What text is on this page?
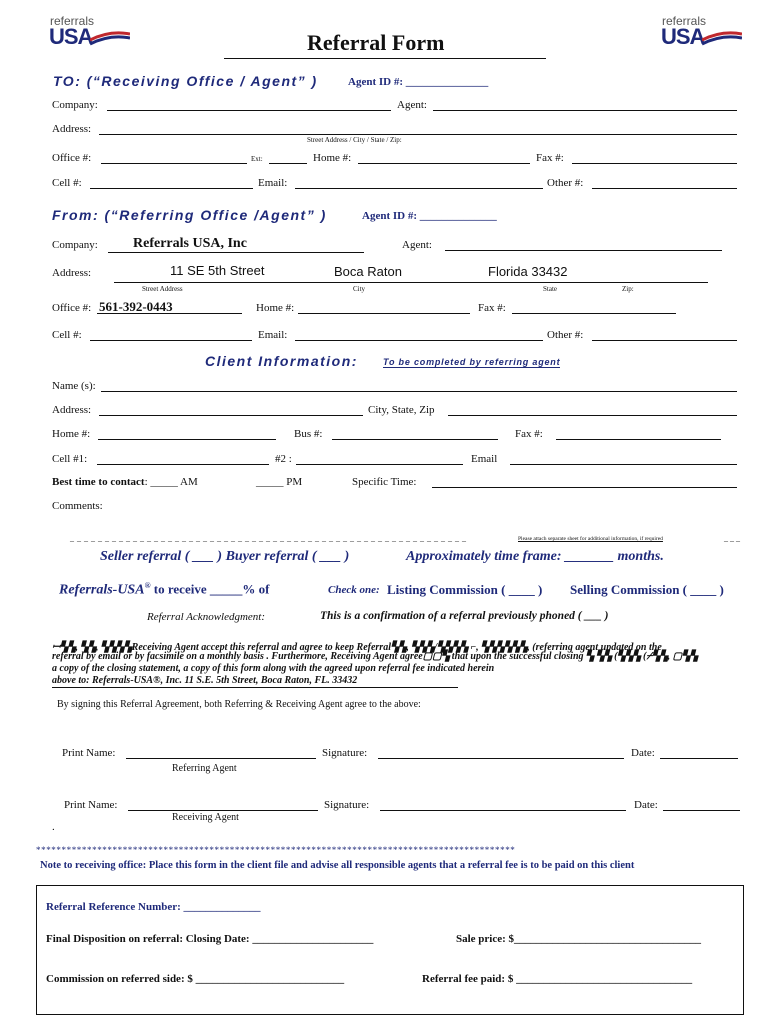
referrals
USA
referrals
USA
Referral Form
TO: (“Receiving Office / Agent” )	Agent ID #: _______________
Company:	Agent:
Address:
Street Address / City / State / Zip:
Office #:	Ext:	Home #:	Fax #:
Cell #:	Email:	Other #:
From: (“Referring Office /Agent” )	Agent ID #: ______________
Company:	Referrals USA, Inc	Agent:
Address:	11 SE 5th Street	Boca Raton	Florida 33432
Street Address	City	State	Zip:
Office #: 561-392-0443	Home #:	Fax #:
Cell #:	Email:	Other #:
Client Information:	To be completed by referring agent
Name (s):
Address:	City, State, Zip
Home #:	Bus #:	Fax #:
Cell #1:	#2 :	Email
Best time to contact: _____ AM	_____ PM	Specific Time:
Comments:
_ _ _ _ _ _ _ _ _ _ _ _ _ _ _ _ _ _ _ _ _ _ _ _ _ _ _ _ _ _ _ _ _ _ _ _ _ _ _ _ _ _ _ _ _ _ _ _ _ _ _ _ _ _ _ _ _	Please attach separate sheet for additional information, if required	_ _ _
Seller referral ( ___ ) Buyer referral ( ___ )	Approximately time frame: _______ months.
Referrals-USA® to receive _____% of	Check one: Listing Commission ( ____ ) Selling Commission ( ____ )
Referral Acknowledgment:	This is a confirmation of a referral previously phoned ( ___ )
ꟷ▚▚, ▚▚, ▚▚▚▚Receiving Agent accept this referral and agree to keep Referral▚▚, ▚▚▚/▚▚▚▚ ⌐, ▚▚▚▚▚▚, (referring agent updated on the
referral by email or by facsimile on a monthly basis . Furthermore, Receiving Agent agree▢▢▚ that upon the successful closing ▚ ▚▚ (▚▚▚ (⌿▚▚, ▢▚▚
a copy of the closing statement, a copy of this form along with the agreed upon referral fee indicated herein
above to: Referrals-USA®, Inc. 11 S.E. 5th Street, Boca Raton, FL. 33432
By signing this Referral Agreement, both Referring & Receiving Agent agree to the above:
Print Name:	Signature:	Date:
Referring Agent
Print Name:	Signature:	Date:
Receiving Agent
.
**********************************************************************************************
Note to receiving office: Place this form in the client file and advise all responsible agents that a referral fee is to be paid on this client
Referral Reference Number: ______________
Final Disposition on referral: Closing Date: ______________________	Sale price: $__________________________________
Commission on referred side: $ ___________________________	Referral fee paid: $ ________________________________
